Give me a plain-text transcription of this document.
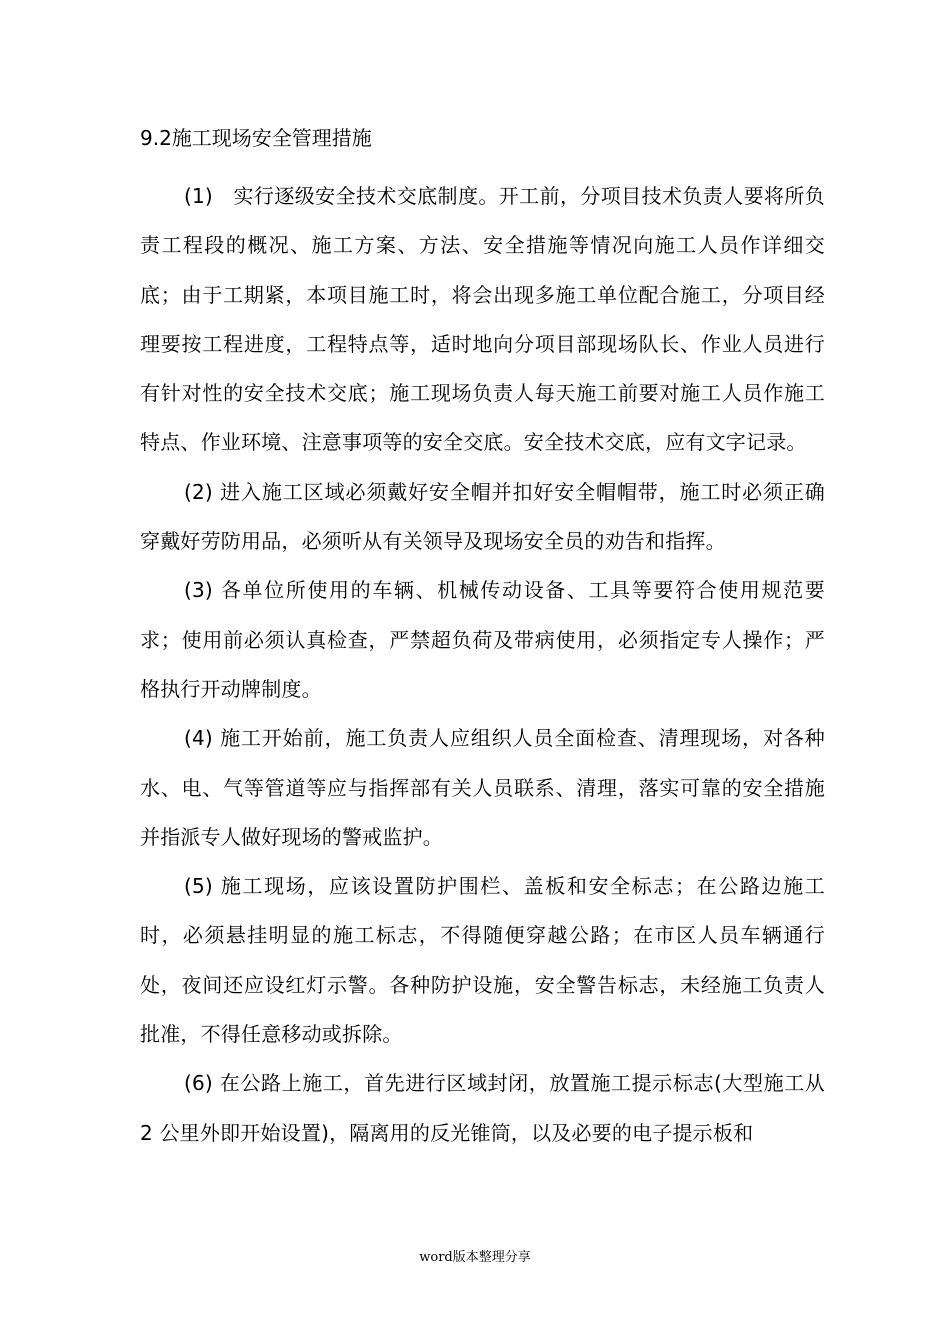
9.2施工现场安全管理措施

(1)　实行逐级安全技术交底制度。开工前，分项目技术负责人要将所负责工程段的概况、施工方案、方法、安全措施等情况向施工人员作详细交底；由于工期紧，本项目施工时，将会出现多施工单位配合施工，分项目经理要按工程进度，工程特点等，适时地向分项目部现场队长、作业人员进行有针对性的安全技术交底；施工现场负责人每天施工前要对施工人员作施工特点、作业环境、注意事项等的安全交底。安全技术交底，应有文字记录。

(2) 进入施工区域必须戴好安全帽并扣好安全帽帽带，施工时必须正确穿戴好劳防用品，必须听从有关领导及现场安全员的劝告和指挥。

(3) 各单位所使用的车辆、机械传动设备、工具等要符合使用规范要求；使用前必须认真检查，严禁超负荷及带病使用，必须指定专人操作；严格执行开动牌制度。

(4) 施工开始前，施工负责人应组织人员全面检查、清理现场，对各种水、电、气等管道等应与指挥部有关人员联系、清理，落实可靠的安全措施并指派专人做好现场的警戒监护。

(5) 施工现场，应该设置防护围栏、盖板和安全标志；在公路边施工时，必须悬挂明显的施工标志，不得随便穿越公路；在市区人员车辆通行处，夜间还应设红灯示警。各种防护设施，安全警告标志，未经施工负责人批准，不得任意移动或拆除。

(6) 在公路上施工，首先进行区域封闭，放置施工提示标志(大型施工从 2 公里外即开始设置)，隔离用的反光锥筒，以及必要的电子提示板和

word版本整理分享
